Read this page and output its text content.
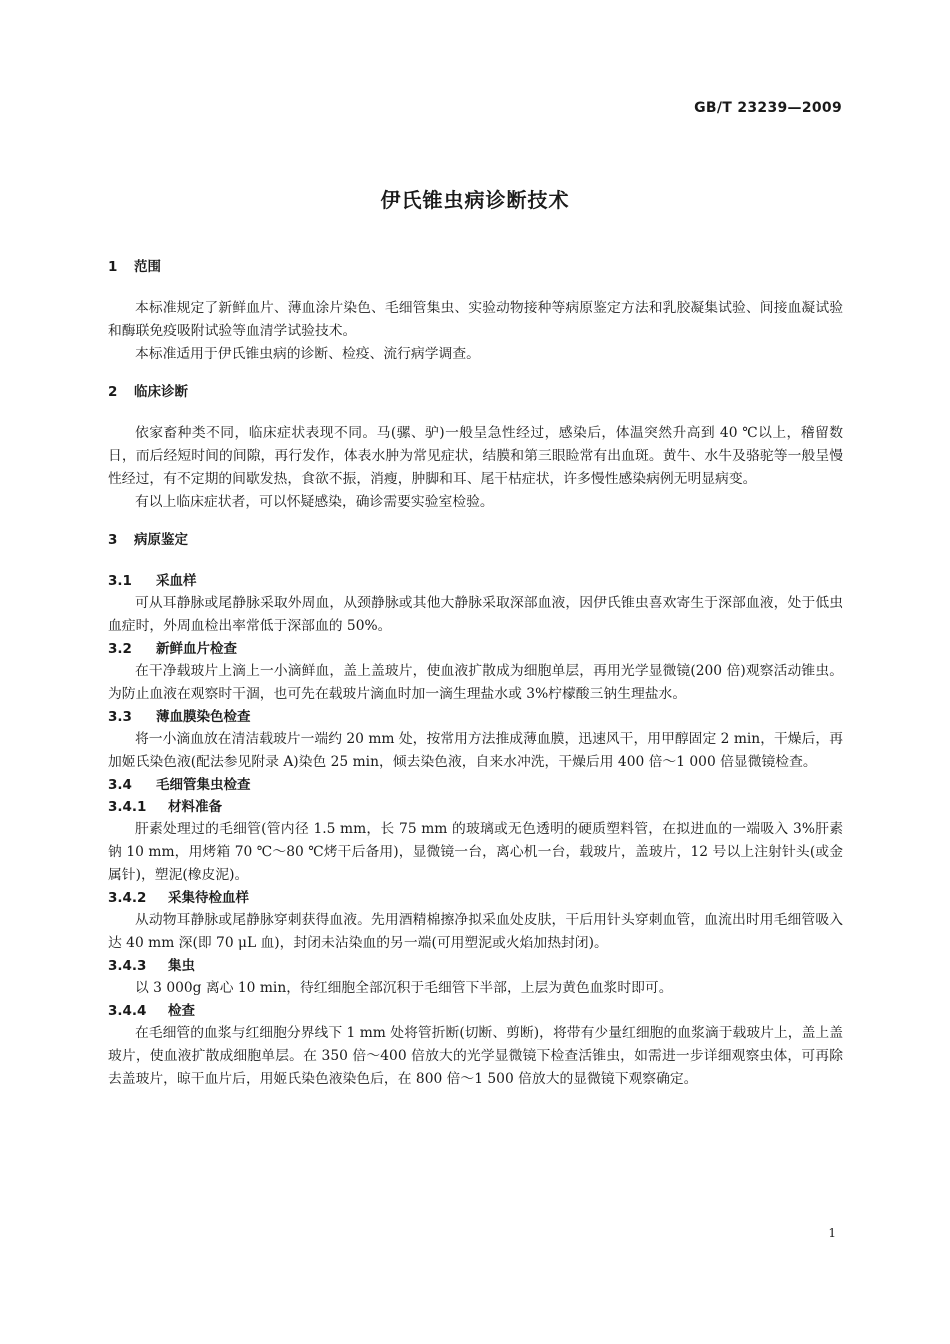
GB/T 23239—2009
伊氏锥虫病诊断技术
1 范围

本标准规定了新鲜血片、薄血涂片染色、毛细管集虫、实验动物接种等病原鉴定方法和乳胶凝集试验、间接血凝试验和酶联免疫吸附试验等血清学试验技术。

本标准适用于伊氏锥虫病的诊断、检疫、流行病学调查。

2 临床诊断

依家畜种类不同，临床症状表现不同。马(骡、驴)一般呈急性经过，感染后，体温突然升高到 40 ℃以上，稽留数日，而后经短时间的间隙，再行发作，体表水肿为常见症状，结膜和第三眼睑常有出血斑。黄牛、水牛及骆驼等一般呈慢性经过，有不定期的间歇发热，食欲不振，消瘦，肿脚和耳、尾干枯症状，许多慢性感染病例无明显病变。

有以上临床症状者，可以怀疑感染，确诊需要实验室检验。

3 病原鉴定
3.1 采血样

可从耳静脉或尾静脉采取外周血，从颈静脉或其他大静脉采取深部血液，因伊氏锥虫喜欢寄生于深部血液，处于低虫血症时，外周血检出率常低于深部血的 50%。

3.2 新鲜血片检查

在干净载玻片上滴上一小滴鲜血，盖上盖玻片，使血液扩散成为细胞单层，再用光学显微镜(200 倍)观察活动锥虫。为防止血液在观察时干涸，也可先在载玻片滴血时加一滴生理盐水或 3%柠檬酸三钠生理盐水。

3.3 薄血膜染色检查

将一小滴血放在清洁载玻片一端约 20 mm 处，按常用方法推成薄血膜，迅速风干，用甲醇固定 2 min，干燥后，再加姬氏染色液(配法参见附录 A)染色 25 min，倾去染色液，自来水冲洗，干燥后用 400 倍～1 000 倍显微镜检查。

3.4 毛细管集虫检查
3.4.1 材料准备

肝素处理过的毛细管(管内径 1.5 mm，长 75 mm 的玻璃或无色透明的硬质塑料管，在拟进血的一端吸入 3%肝素钠 10 mm，用烤箱 70 ℃～80 ℃烤干后备用)，显微镜一台，离心机一台，载玻片，盖玻片，12 号以上注射针头(或金属针)，塑泥(橡皮泥)。

3.4.2 采集待检血样

从动物耳静脉或尾静脉穿刺获得血液。先用酒精棉擦净拟采血处皮肤，干后用针头穿刺血管，血流出时用毛细管吸入达 40 mm 深(即 70 μL 血)，封闭未沾染血的另一端(可用塑泥或火焰加热封闭)。

3.4.3 集虫

以 3 000g 离心 10 min，待红细胞全部沉积于毛细管下半部，上层为黄色血浆时即可。

3.4.4 检查

在毛细管的血浆与红细胞分界线下 1 mm 处将管折断(切断、剪断)，将带有少量红细胞的血浆滴于载玻片上，盖上盖玻片，使血液扩散成细胞单层。在 350 倍～400 倍放大的光学显微镜下检查活锥虫，如需进一步详细观察虫体，可再除去盖玻片，晾干血片后，用姬氏染色液染色后，在 800 倍～1 500 倍放大的显微镜下观察确定。

1
